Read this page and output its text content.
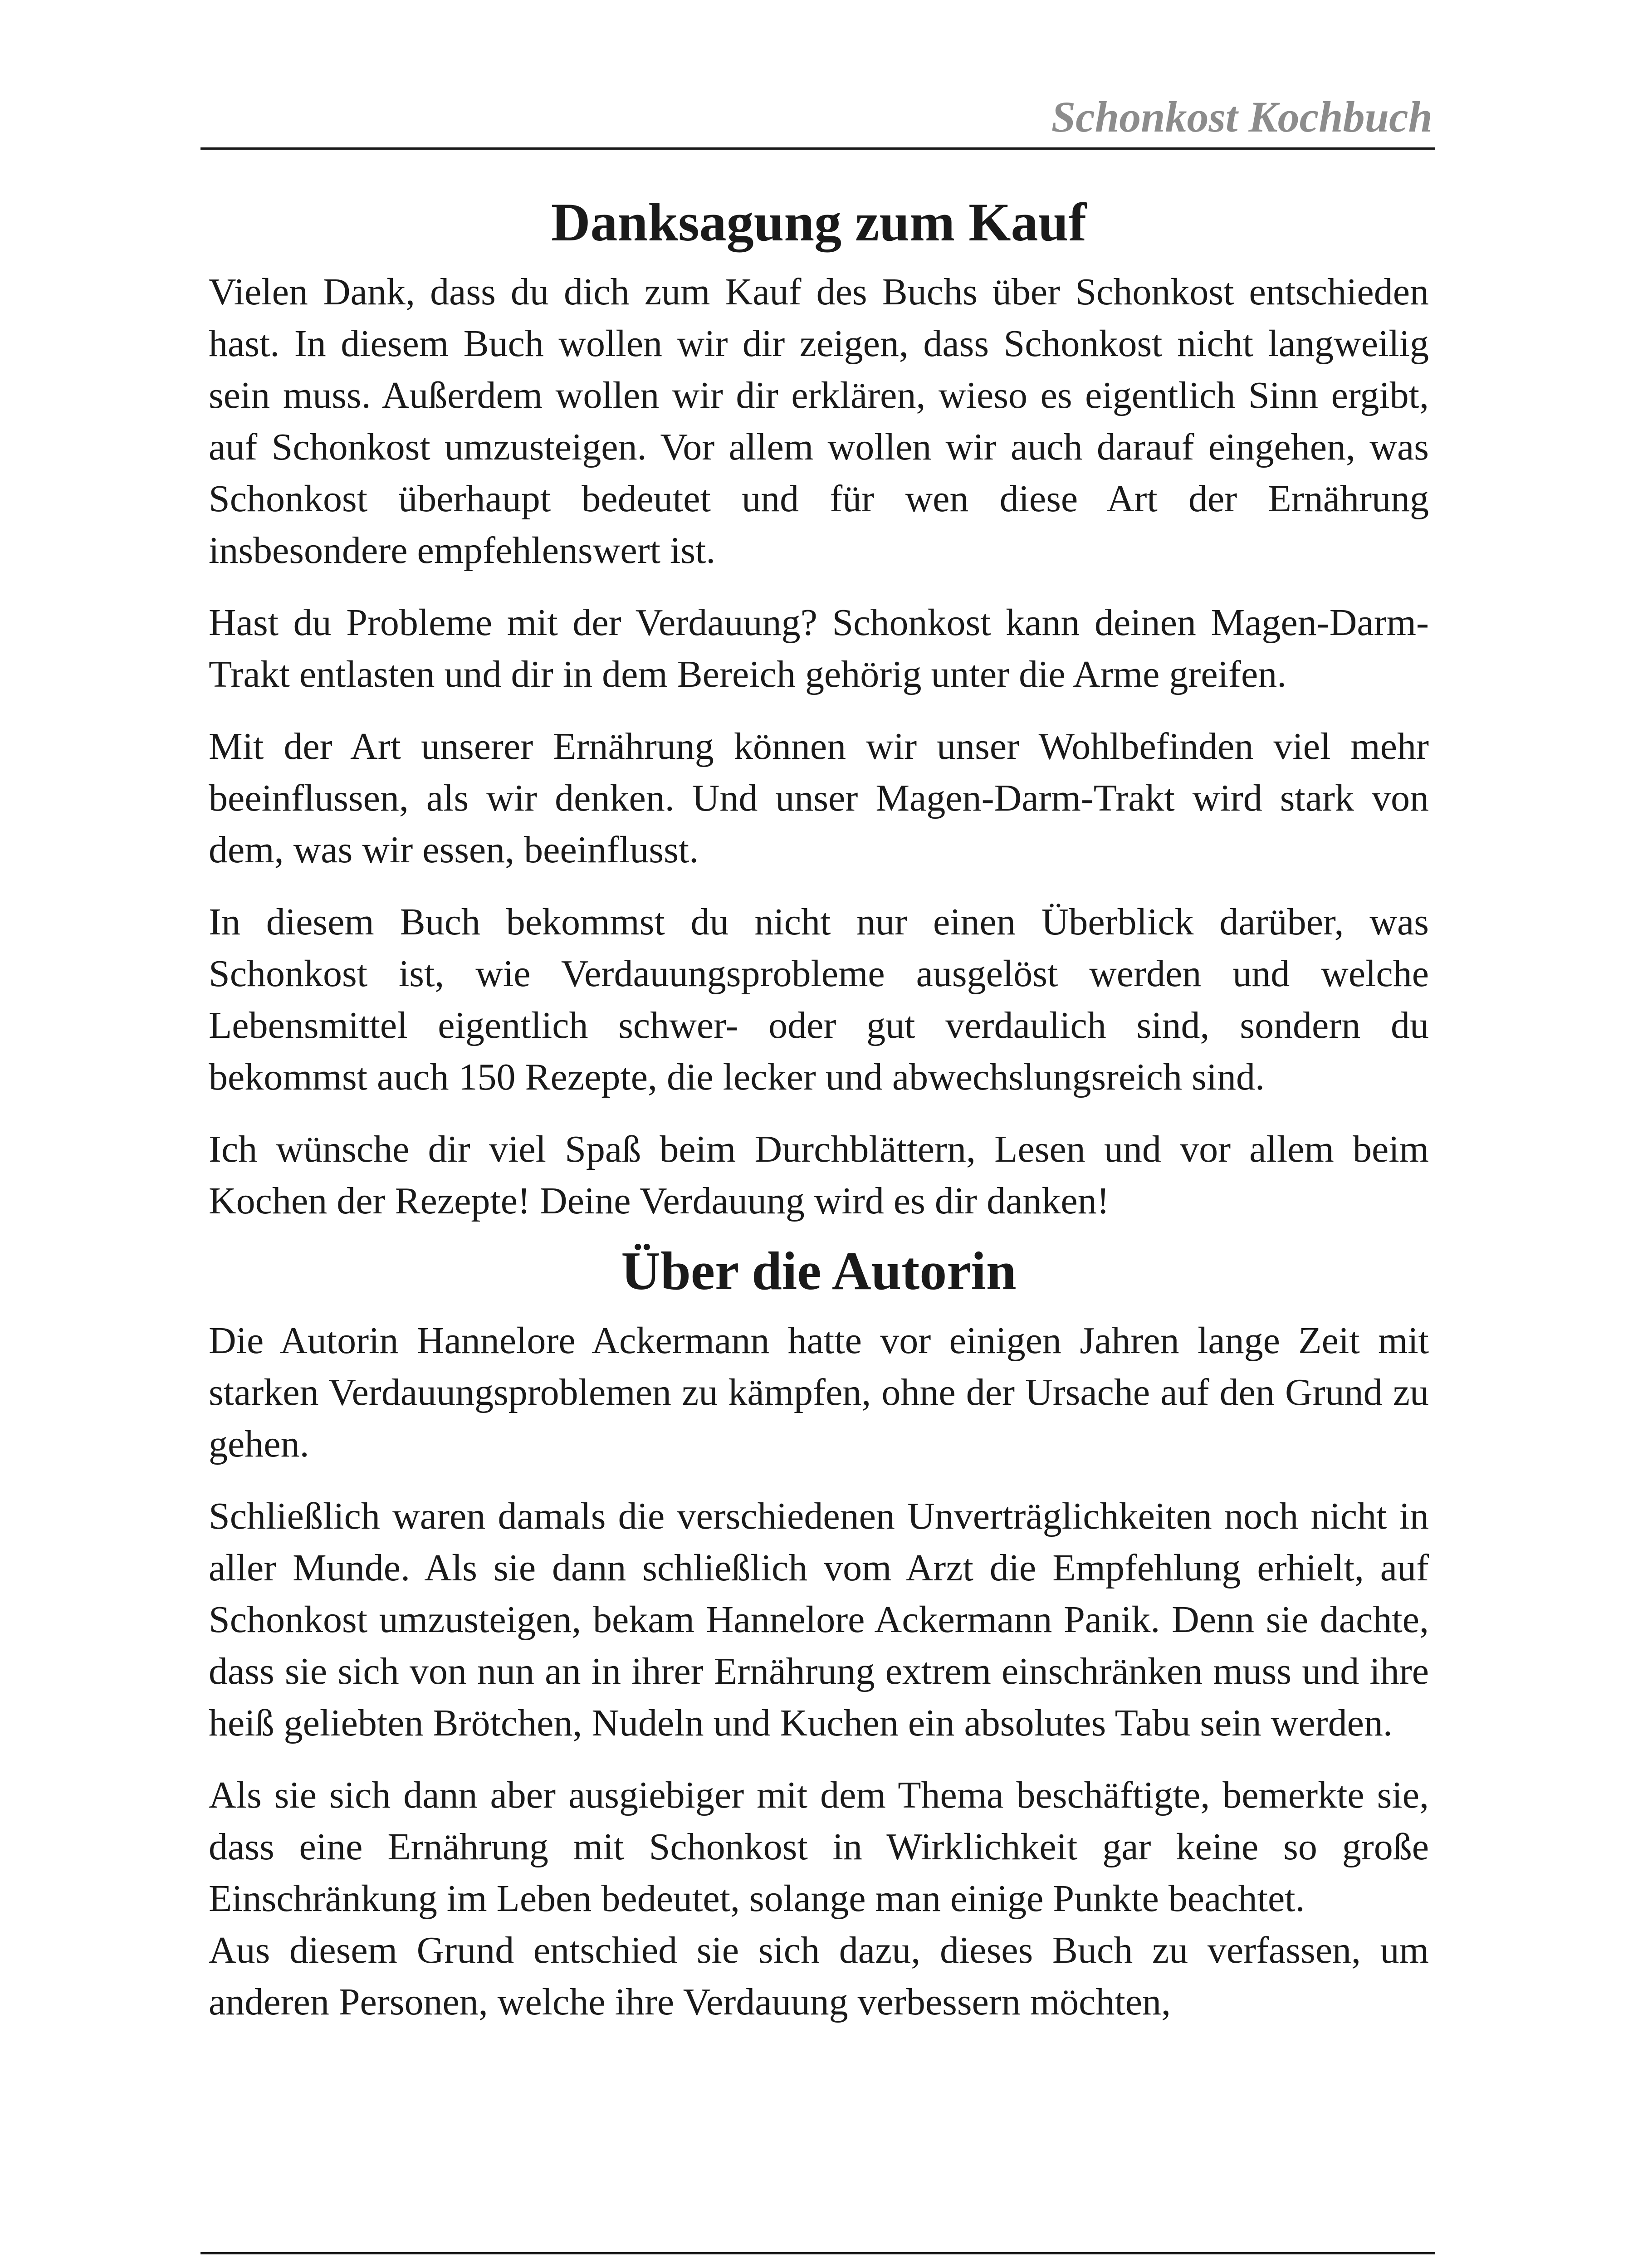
Schonkost Kochbuch
Danksagung zum Kauf

Vielen Dank, dass du dich zum Kauf des Buchs über Schonkost entschieden hast. In diesem Buch wollen wir dir zeigen, dass Schonkost nicht langweilig sein muss. Außerdem wollen wir dir erklären, wieso es eigentlich Sinn ergibt, auf Schonkost umzusteigen. Vor allem wollen wir auch darauf eingehen, was Schonkost überhaupt bedeutet und für wen diese Art der Ernährung insbesondere empfehlenswert ist.

Hast du Probleme mit der Verdauung? Schonkost kann deinen Magen-Darm-Trakt entlasten und dir in dem Bereich gehörig unter die Arme greifen.

Mit der Art unserer Ernährung können wir unser Wohlbefinden viel mehr beeinflussen, als wir denken. Und unser Magen-Darm-Trakt wird stark von dem, was wir essen, beeinflusst.

In diesem Buch bekommst du nicht nur einen Überblick darüber, was Schonkost ist, wie Verdauungsprobleme ausgelöst werden und welche Lebensmittel eigentlich schwer- oder gut verdaulich sind, sondern du bekommst auch 150 Rezepte, die lecker und abwechslungsreich sind.

Ich wünsche dir viel Spaß beim Durchblättern, Lesen und vor allem beim Kochen der Rezepte! Deine Verdauung wird es dir danken!

Über die Autorin

Die Autorin Hannelore Ackermann hatte vor einigen Jahren lange Zeit mit starken Verdauungsproblemen zu kämpfen, ohne der Ursache auf den Grund zu gehen.

Schließlich waren damals die verschiedenen Unverträglichkeiten noch nicht in aller Munde. Als sie dann schließlich vom Arzt die Empfehlung erhielt, auf Schonkost umzusteigen, bekam Hannelore Ackermann Panik. Denn sie dachte, dass sie sich von nun an in ihrer Ernährung extrem einschränken muss und ihre heiß geliebten Brötchen, Nudeln und Kuchen ein absolutes Tabu sein werden.

Als sie sich dann aber ausgiebiger mit dem Thema beschäftigte, bemerkte sie, dass eine Ernährung mit Schonkost in Wirklichkeit gar keine so große Einschränkung im Leben bedeutet, solange man einige Punkte beachtet.

Aus diesem Grund entschied sie sich dazu, dieses Buch zu verfassen, um anderen Personen, welche ihre Verdauung verbessern möchten,
